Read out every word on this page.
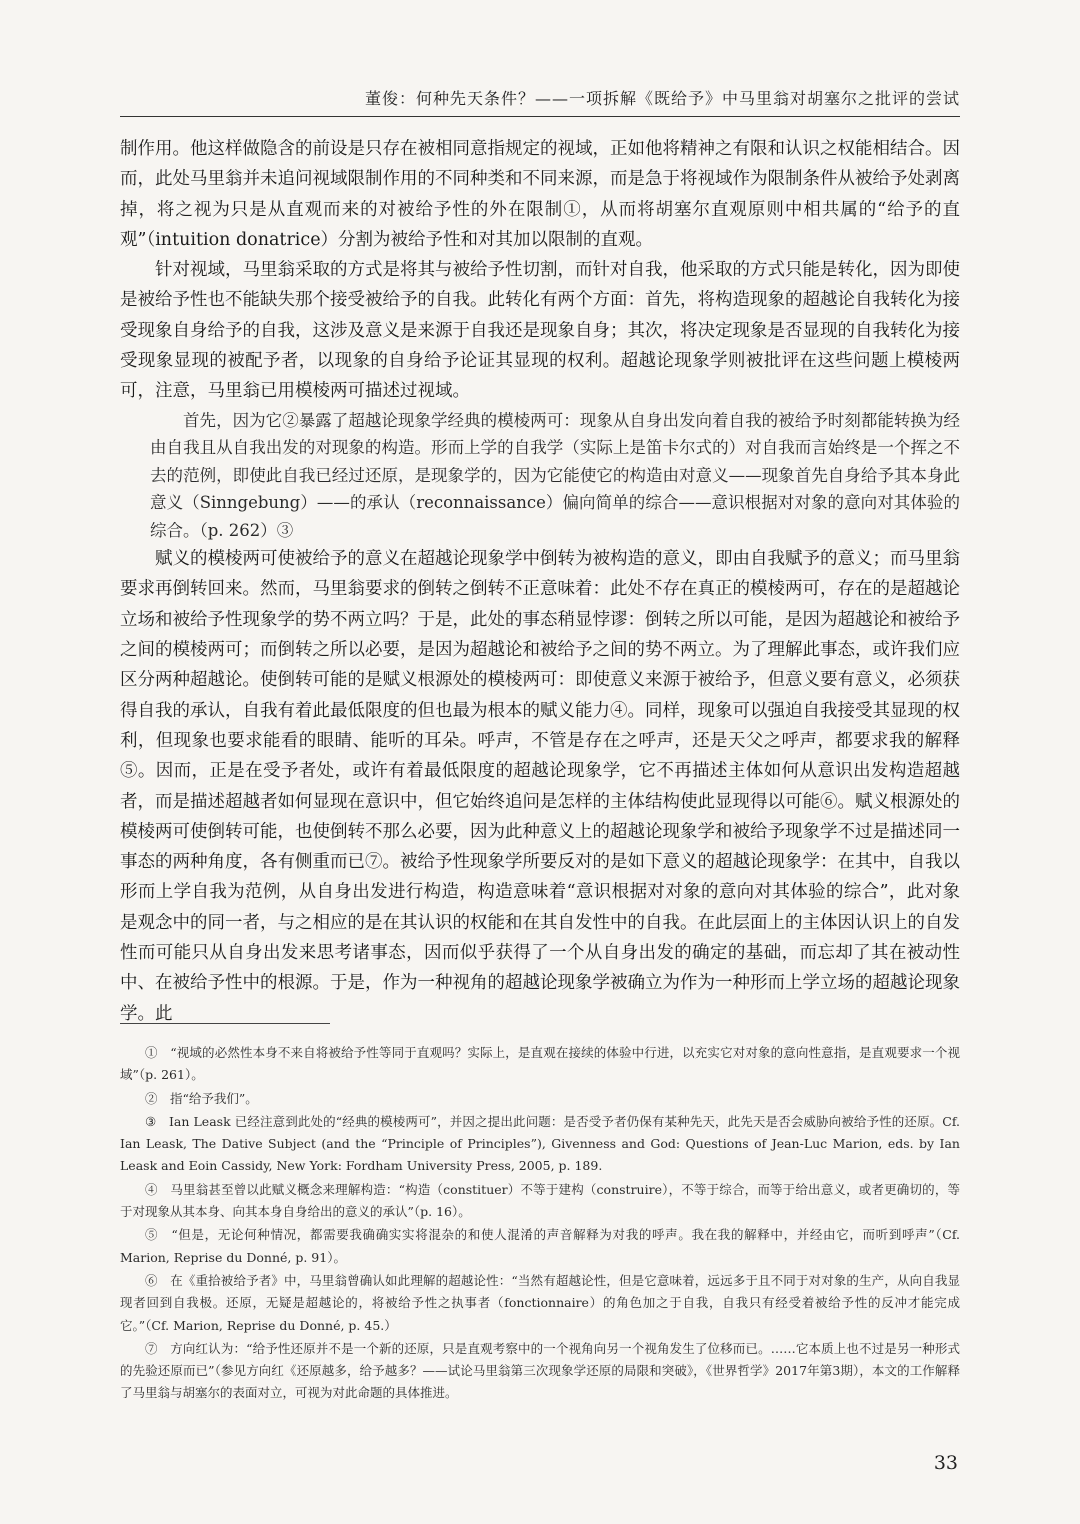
董俊：何种先天条件？——一项拆解《既给予》中马里翁对胡塞尔之批评的尝试

制作用。他这样做隐含的前设是只存在被相同意指规定的视域，正如他将精神之有限和认识之权能相结合。因而，此处马里翁并未追问视域限制作用的不同种类和不同来源，而是急于将视域作为限制条件从被给予处剥离掉，将之视为只是从直观而来的对被给予性的外在限制①，从而将胡塞尔直观原则中相共属的“给予的直观”（intuition donatrice）分割为被给予性和对其加以限制的直观。

针对视域，马里翁采取的方式是将其与被给予性切割，而针对自我，他采取的方式只能是转化，因为即使是被给予性也不能缺失那个接受被给予的自我。此转化有两个方面：首先，将构造现象的超越论自我转化为接受现象自身给予的自我，这涉及意义是来源于自我还是现象自身；其次，将决定现象是否显现的自我转化为接受现象显现的被配予者，以现象的自身给予论证其显现的权利。超越论现象学则被批评在这些问题上模棱两可，注意，马里翁已用模棱两可描述过视域。

首先，因为它②暴露了超越论现象学经典的模棱两可：现象从自身出发向着自我的被给予时刻都能转换为经由自我且从自我出发的对现象的构造。形而上学的自我学（实际上是笛卡尔式的）对自我而言始终是一个挥之不去的范例，即使此自我已经过还原，是现象学的，因为它能使它的构造由对意义——现象首先自身给予其本身此意义（Sinngebung）——的承认（reconnaissance）偏向简单的综合——意识根据对对象的意向对其体验的综合。（p. 262）③

赋义的模棱两可使被给予的意义在超越论现象学中倒转为被构造的意义，即由自我赋予的意义；而马里翁要求再倒转回来。然而，马里翁要求的倒转之倒转不正意味着：此处不存在真正的模棱两可，存在的是超越论立场和被给予性现象学的势不两立吗？于是，此处的事态稍显悖谬：倒转之所以可能，是因为超越论和被给予之间的模棱两可；而倒转之所以必要，是因为超越论和被给予之间的势不两立。为了理解此事态，或许我们应区分两种超越论。使倒转可能的是赋义根源处的模棱两可：即使意义来源于被给予，但意义要有意义，必须获得自我的承认，自我有着此最低限度的但也最为根本的赋义能力④。同样，现象可以强迫自我接受其显现的权利，但现象也要求能看的眼睛、能听的耳朵。呼声，不管是存在之呼声，还是天父之呼声，都要求我的解释⑤。因而，正是在受予者处，或许有着最低限度的超越论现象学，它不再描述主体如何从意识出发构造超越者，而是描述超越者如何显现在意识中，但它始终追问是怎样的主体结构使此显现得以可能⑥。赋义根源处的模棱两可使倒转可能，也使倒转不那么必要，因为此种意义上的超越论现象学和被给予现象学不过是描述同一事态的两种角度，各有侧重而已⑦。被给予性现象学所要反对的是如下意义的超越论现象学：在其中，自我以形而上学自我为范例，从自身出发进行构造，构造意味着“意识根据对对象的意向对其体验的综合”，此对象是观念中的同一者，与之相应的是在其认识的权能和在其自发性中的自我。在此层面上的主体因认识上的自发性而可能只从自身出发来思考诸事态，因而似乎获得了一个从自身出发的确定的基础，而忘却了其在被动性中、在被给予性中的根源。于是，作为一种视角的超越论现象学被确立为作为一种形而上学立场的超越论现象学。此

①　“视域的必然性本身不来自将被给予性等同于直观吗？实际上，是直观在接续的体验中行进，以充实它对对象的意向性意指，是直观要求一个视域”（p. 261）。

②　指“给予我们”。

③　Ian Leask 已经注意到此处的“经典的模棱两可”，并因之提出此问题：是否受予者仍保有某种先天，此先天是否会威胁向被给予性的还原。Cf. Ian Leask, The Dative Subject (and the “Principle of Principles”), Givenness and God: Questions of Jean-Luc Marion, eds. by Ian Leask and Eoin Cassidy, New York: Fordham University Press, 2005, p. 189.

④　马里翁甚至曾以此赋义概念来理解构造：“构造（constituer）不等于建构（construire），不等于综合，而等于给出意义，或者更确切的，等于对现象从其本身、向其本身自身给出的意义的承认”（p. 16）。

⑤　“但是，无论何种情况，都需要我确确实实将混杂的和使人混淆的声音解释为对我的呼声。我在我的解释中，并经由它，而听到呼声”（Cf. Marion, Reprise du Donné, p. 91）。

⑥　在《重拾被给予者》中，马里翁曾确认如此理解的超越论性：“当然有超越论性，但是它意味着，远远多于且不同于对对象的生产，从向自我显现者回到自我极。还原，无疑是超越论的，将被给予性之执事者（fonctionnaire）的角色加之于自我，自我只有经受着被给予性的反冲才能完成它。”（Cf. Marion, Reprise du Donné, p. 45.）

⑦　方向红认为：“给予性还原并不是一个新的还原，只是直观考察中的一个视角向另一个视角发生了位移而已。……它本质上也不过是另一种形式的先验还原而已”（参见方向红《还原越多，给予越多？——试论马里翁第三次现象学还原的局限和突破》，《世界哲学》2017年第3期），本文的工作解释了马里翁与胡塞尔的表面对立，可视为对此命题的具体推进。

33
